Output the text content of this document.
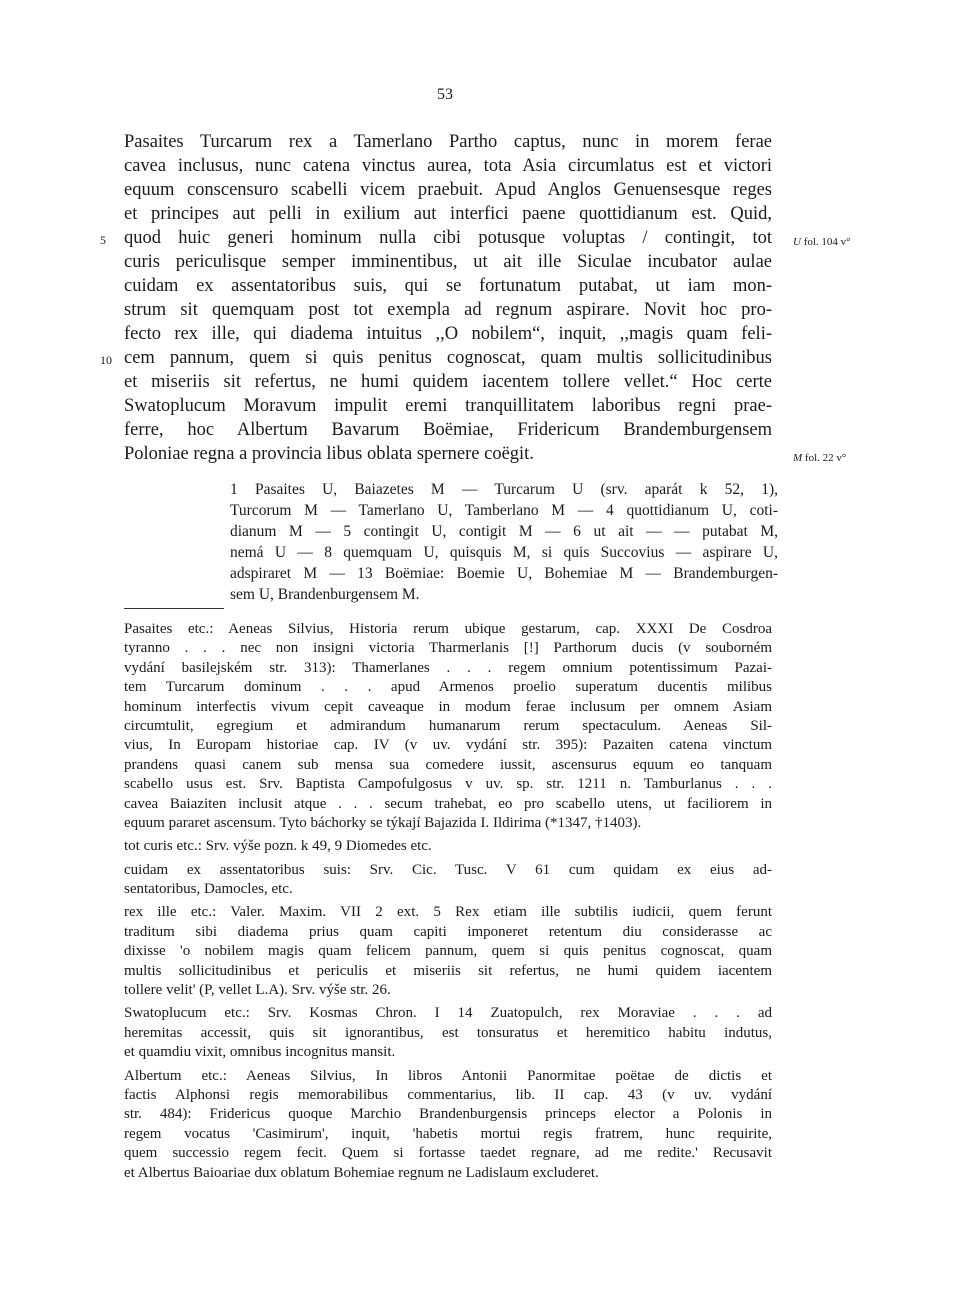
53
5
10
U fol. 104 v°
M fol. 22 v°
Pasaites Turcarum rex a Tamerlano Partho captus, nunc in morem ferae
cavea inclusus, nunc catena vinctus aurea, tota Asia circumlatus est et victori
equum conscensuro scabelli vicem praebuit. Apud Anglos Genuensesque reges
et principes aut pelli in exilium aut interfici paene quottidianum est. Quid,
quod huic generi hominum nulla cibi potusque voluptas / contingit, tot
curis periculisque semper imminentibus, ut ait ille Siculae incubator aulae
cuidam ex assentatoribus suis, qui se fortunatum putabat, ut iam mon-
strum sit quemquam post tot exempla ad regnum aspirare. Novit hoc pro-
fecto rex ille, qui diadema intuitus ,,O nobilem“, inquit, ,,magis quam feli-
cem pannum, quem si quis penitus cognoscat, quam multis sollicitudinibus
et miseriis sit refertus, ne humi quidem iacentem tollere vellet.“ Hoc certe
Swatoplucum Moravum impulit eremi tranquillitatem laboribus regni prae-
ferre, hoc Albertum Bavarum Boëmiae, Fridericum Brandemburgensem
Poloniae regna a provincia libus oblata spernere coëgit.
1 Pasaites U, Baiazetes M — Turcarum U (srv. aparát k 52, 1),
Turcorum M — Tamerlano U, Tamberlano M — 4 quottidianum U, coti-
dianum M — 5 contingit U, contigit M — 6 ut ait — — putabat M,
nemá U — 8 quemquam U, quisquis M, si quis Succovius — aspirare U,
adspiraret M — 13 Boëmiae: Boemie U, Bohemiae M — Brandemburgen-
sem U, Brandenburgensem M.
Pasaites etc.: Aeneas Silvius, Historia rerum ubique gestarum, cap. XXXI De Cosdroa
tyranno . . . nec non insigni victoria Tharmerlanis [!] Parthorum ducis (v souborném
vydání basilejském str. 313): Thamerlanes . . . regem omnium potentissimum Pazai-
tem Turcarum dominum . . . apud Armenos proelio superatum ducentis milibus
hominum interfectis vivum cepit caveaque in modum ferae inclusum per omnem Asiam
circumtulit, egregium et admirandum humanarum rerum spectaculum. Aeneas Sil-
vius, In Europam historiae cap. IV (v uv. vydání str. 395): Pazaiten catena vinctum
prandens quasi canem sub mensa sua comedere iussit, ascensurus equum eo tanquam
scabello usus est. Srv. Baptista Campofulgosus v uv. sp. str. 1211 n. Tamburlanus . . .
cavea Baiaziten inclusit atque . . . secum trahebat, eo pro scabello utens, ut faciliorem in
equum pararet ascensum. Tyto báchorky se týkají Bajazida I. Ildirima (*1347, †1403).
tot curis etc.: Srv. výše pozn. k 49, 9 Diomedes etc.
cuidam ex assentatoribus suis: Srv. Cic. Tusc. V 61 cum quidam ex eius ad-
sentatoribus, Damocles, etc.
rex ille etc.: Valer. Maxim. VII 2 ext. 5 Rex etiam ille subtilis iudicii, quem ferunt
traditum sibi diadema prius quam capiti imponeret retentum diu considerasse ac
dixisse 'o nobilem magis quam felicem pannum, quem si quis penitus cognoscat, quam
multis sollicitudinibus et periculis et miseriis sit refertus, ne humi quidem iacentem
tollere velit' (P, vellet L.A). Srv. výše str. 26.
Swatoplucum etc.: Srv. Kosmas Chron. I 14 Zuatopulch, rex Moraviae . . . ad
heremitas accessit, quis sit ignorantibus, est tonsuratus et heremitico habitu indutus,
et quamdiu vixit, omnibus incognitus mansit.
Albertum etc.: Aeneas Silvius, In libros Antonii Panormitae poëtae de dictis et
factis Alphonsi regis memorabilibus commentarius, lib. II cap. 43 (v uv. vydání
str. 484): Fridericus quoque Marchio Brandenburgensis princeps elector a Polonis in
regem vocatus 'Casimirum', inquit, 'habetis mortui regis fratrem, hunc requirite,
quem successio regem fecit. Quem si fortasse taedet regnare, ad me redite.' Recusavit
et Albertus Baioariae dux oblatum Bohemiae regnum ne Ladislaum excluderet.
